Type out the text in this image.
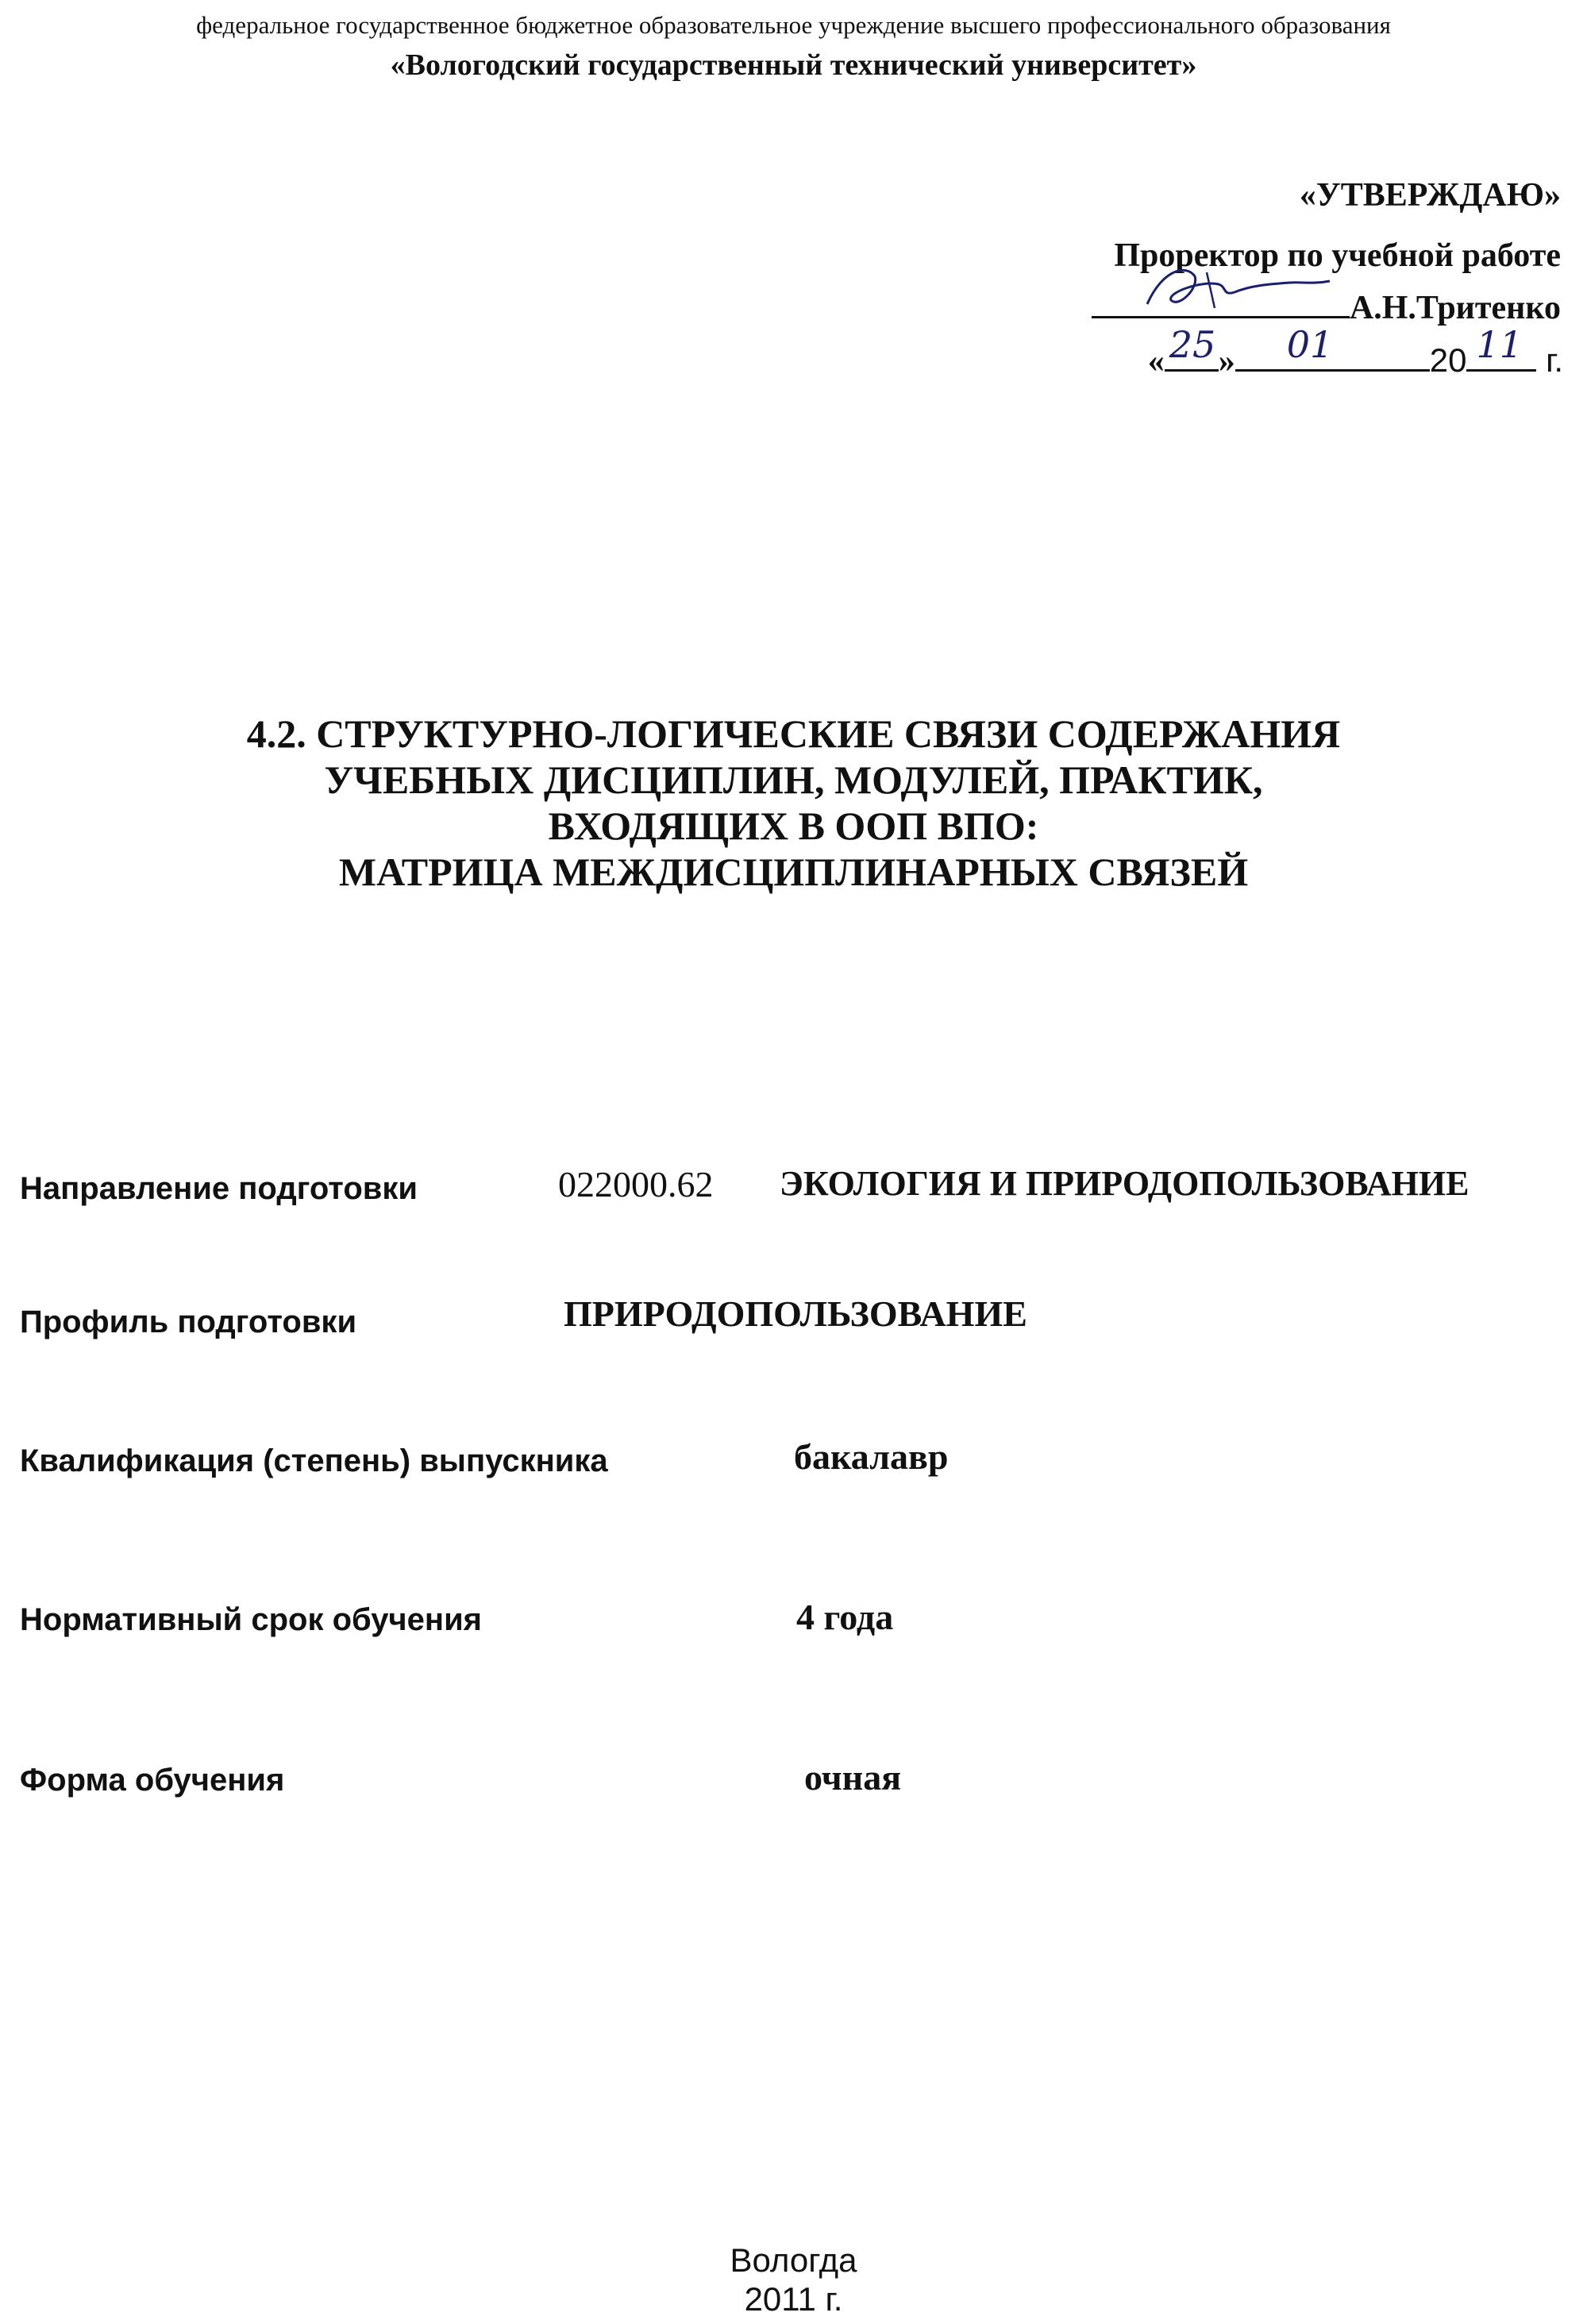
федеральное государственное бюджетное образовательное учреждение высшего профессионального образования
«Вологодский государственный технический университет»
«УТВЕРЖДАЮ»
Проректор по учебной работе
А.Н.Тритенко
« 25 » 01	20 11 г.
4.2. СТРУКТУРНО-ЛОГИЧЕСКИЕ СВЯЗИ СОДЕРЖАНИЯ
УЧЕБНЫХ ДИСЦИПЛИН, МОДУЛЕЙ, ПРАКТИК,
ВХОДЯЩИХ В ООП ВПО:
МАТРИЦА МЕЖДИСЦИПЛИНАРНЫХ СВЯЗЕЙ
Направление подготовки	022000.62 ЭКОЛОГИЯ И ПРИРОДОПОЛЬЗОВАНИЕ
Профиль подготовки	ПРИРОДОПОЛЬЗОВАНИЕ
Квалификация (степень) выпускника	бакалавр
Нормативный срок обучения	4 года
Форма обучения	очная
Вологда
2011 г.
